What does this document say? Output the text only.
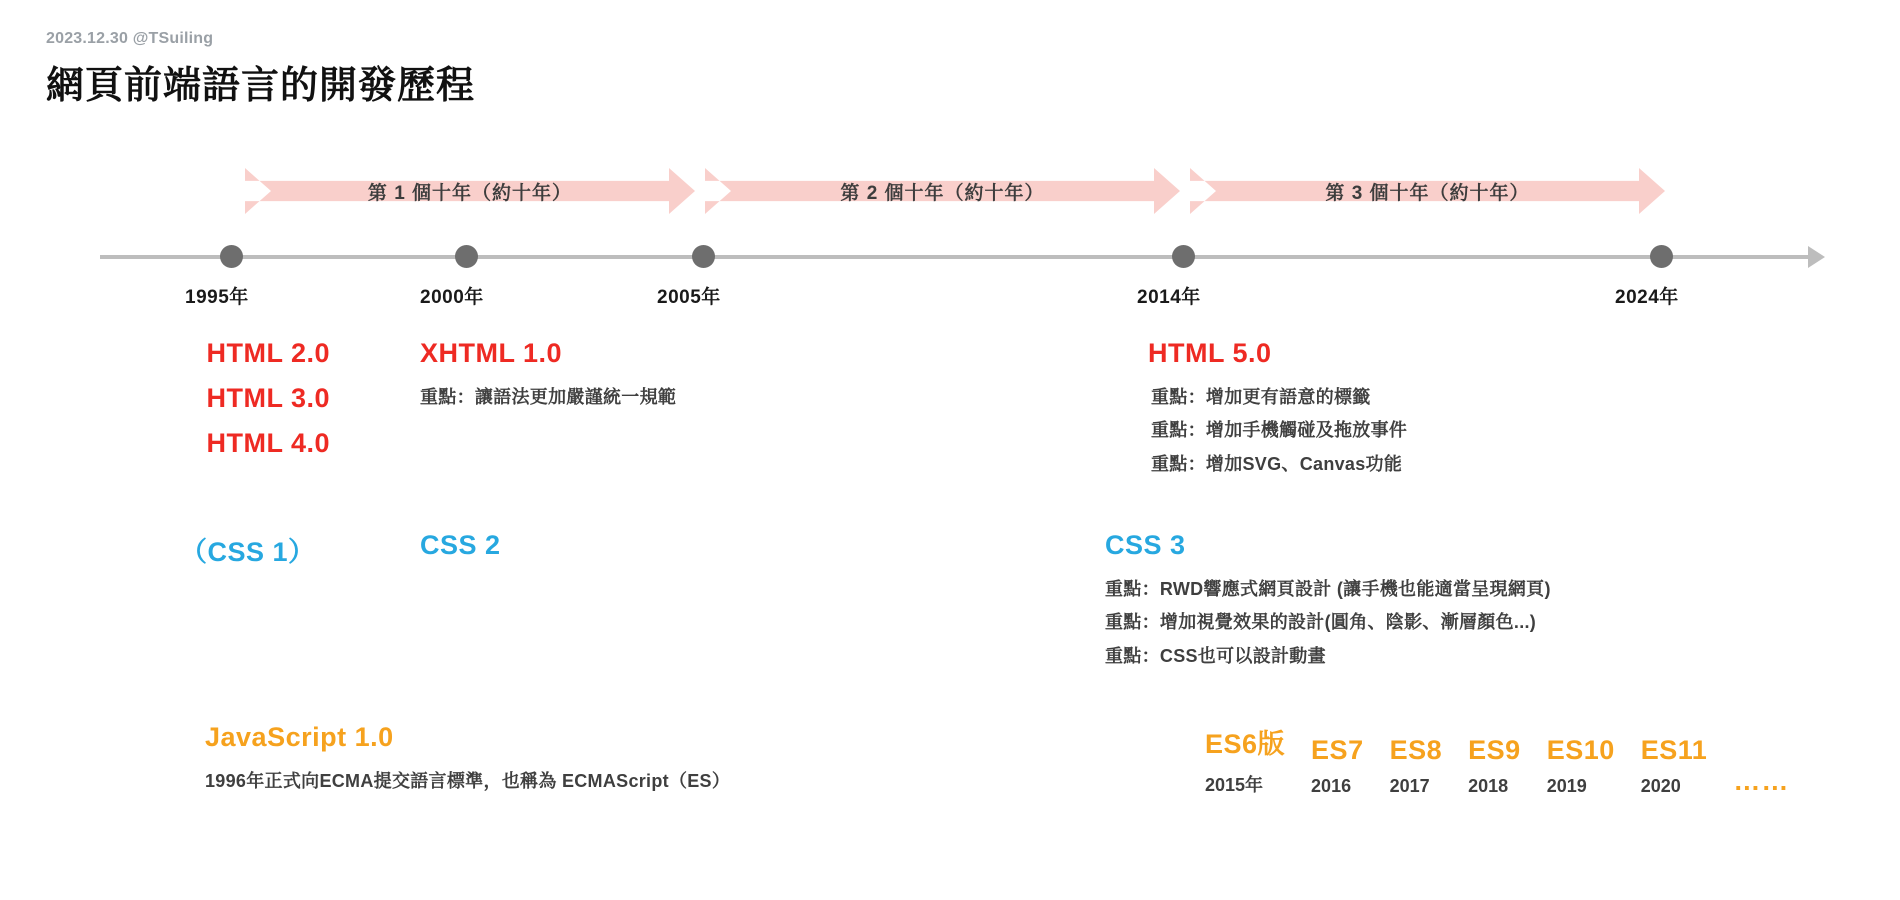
2023.12.30 @TSuiling

網頁前端語言的開發歷程
第 1 個十年（約十年）	第 2 個十年（約十年）	第 3 個十年（約十年）
1995年	2000年	2005年	2014年	2024年
HTML 2.0
HTML 3.0
HTML 4.0
XHTML 1.0
重點：讓語法更加嚴謹統一規範
HTML 5.0
重點：增加更有語意的標籤
重點：增加手機觸碰及拖放事件
重點：增加SVG、Canvas功能
（CSS 1）	CSS 2	CSS 3
重點：RWD響應式網頁設計 (讓手機也能適當呈現網頁)
重點：增加視覺效果的設計(圓角、陰影、漸層顏色...)
重點：CSS也可以設計動畫
JavaScript 1.0
1996年正式向ECMA提交語言標準，也稱為 ECMAScript（ES）
ES6版
2015年
ES7
2016
ES8
2017
ES9
2018
ES10
2019
ES11
2020	……
